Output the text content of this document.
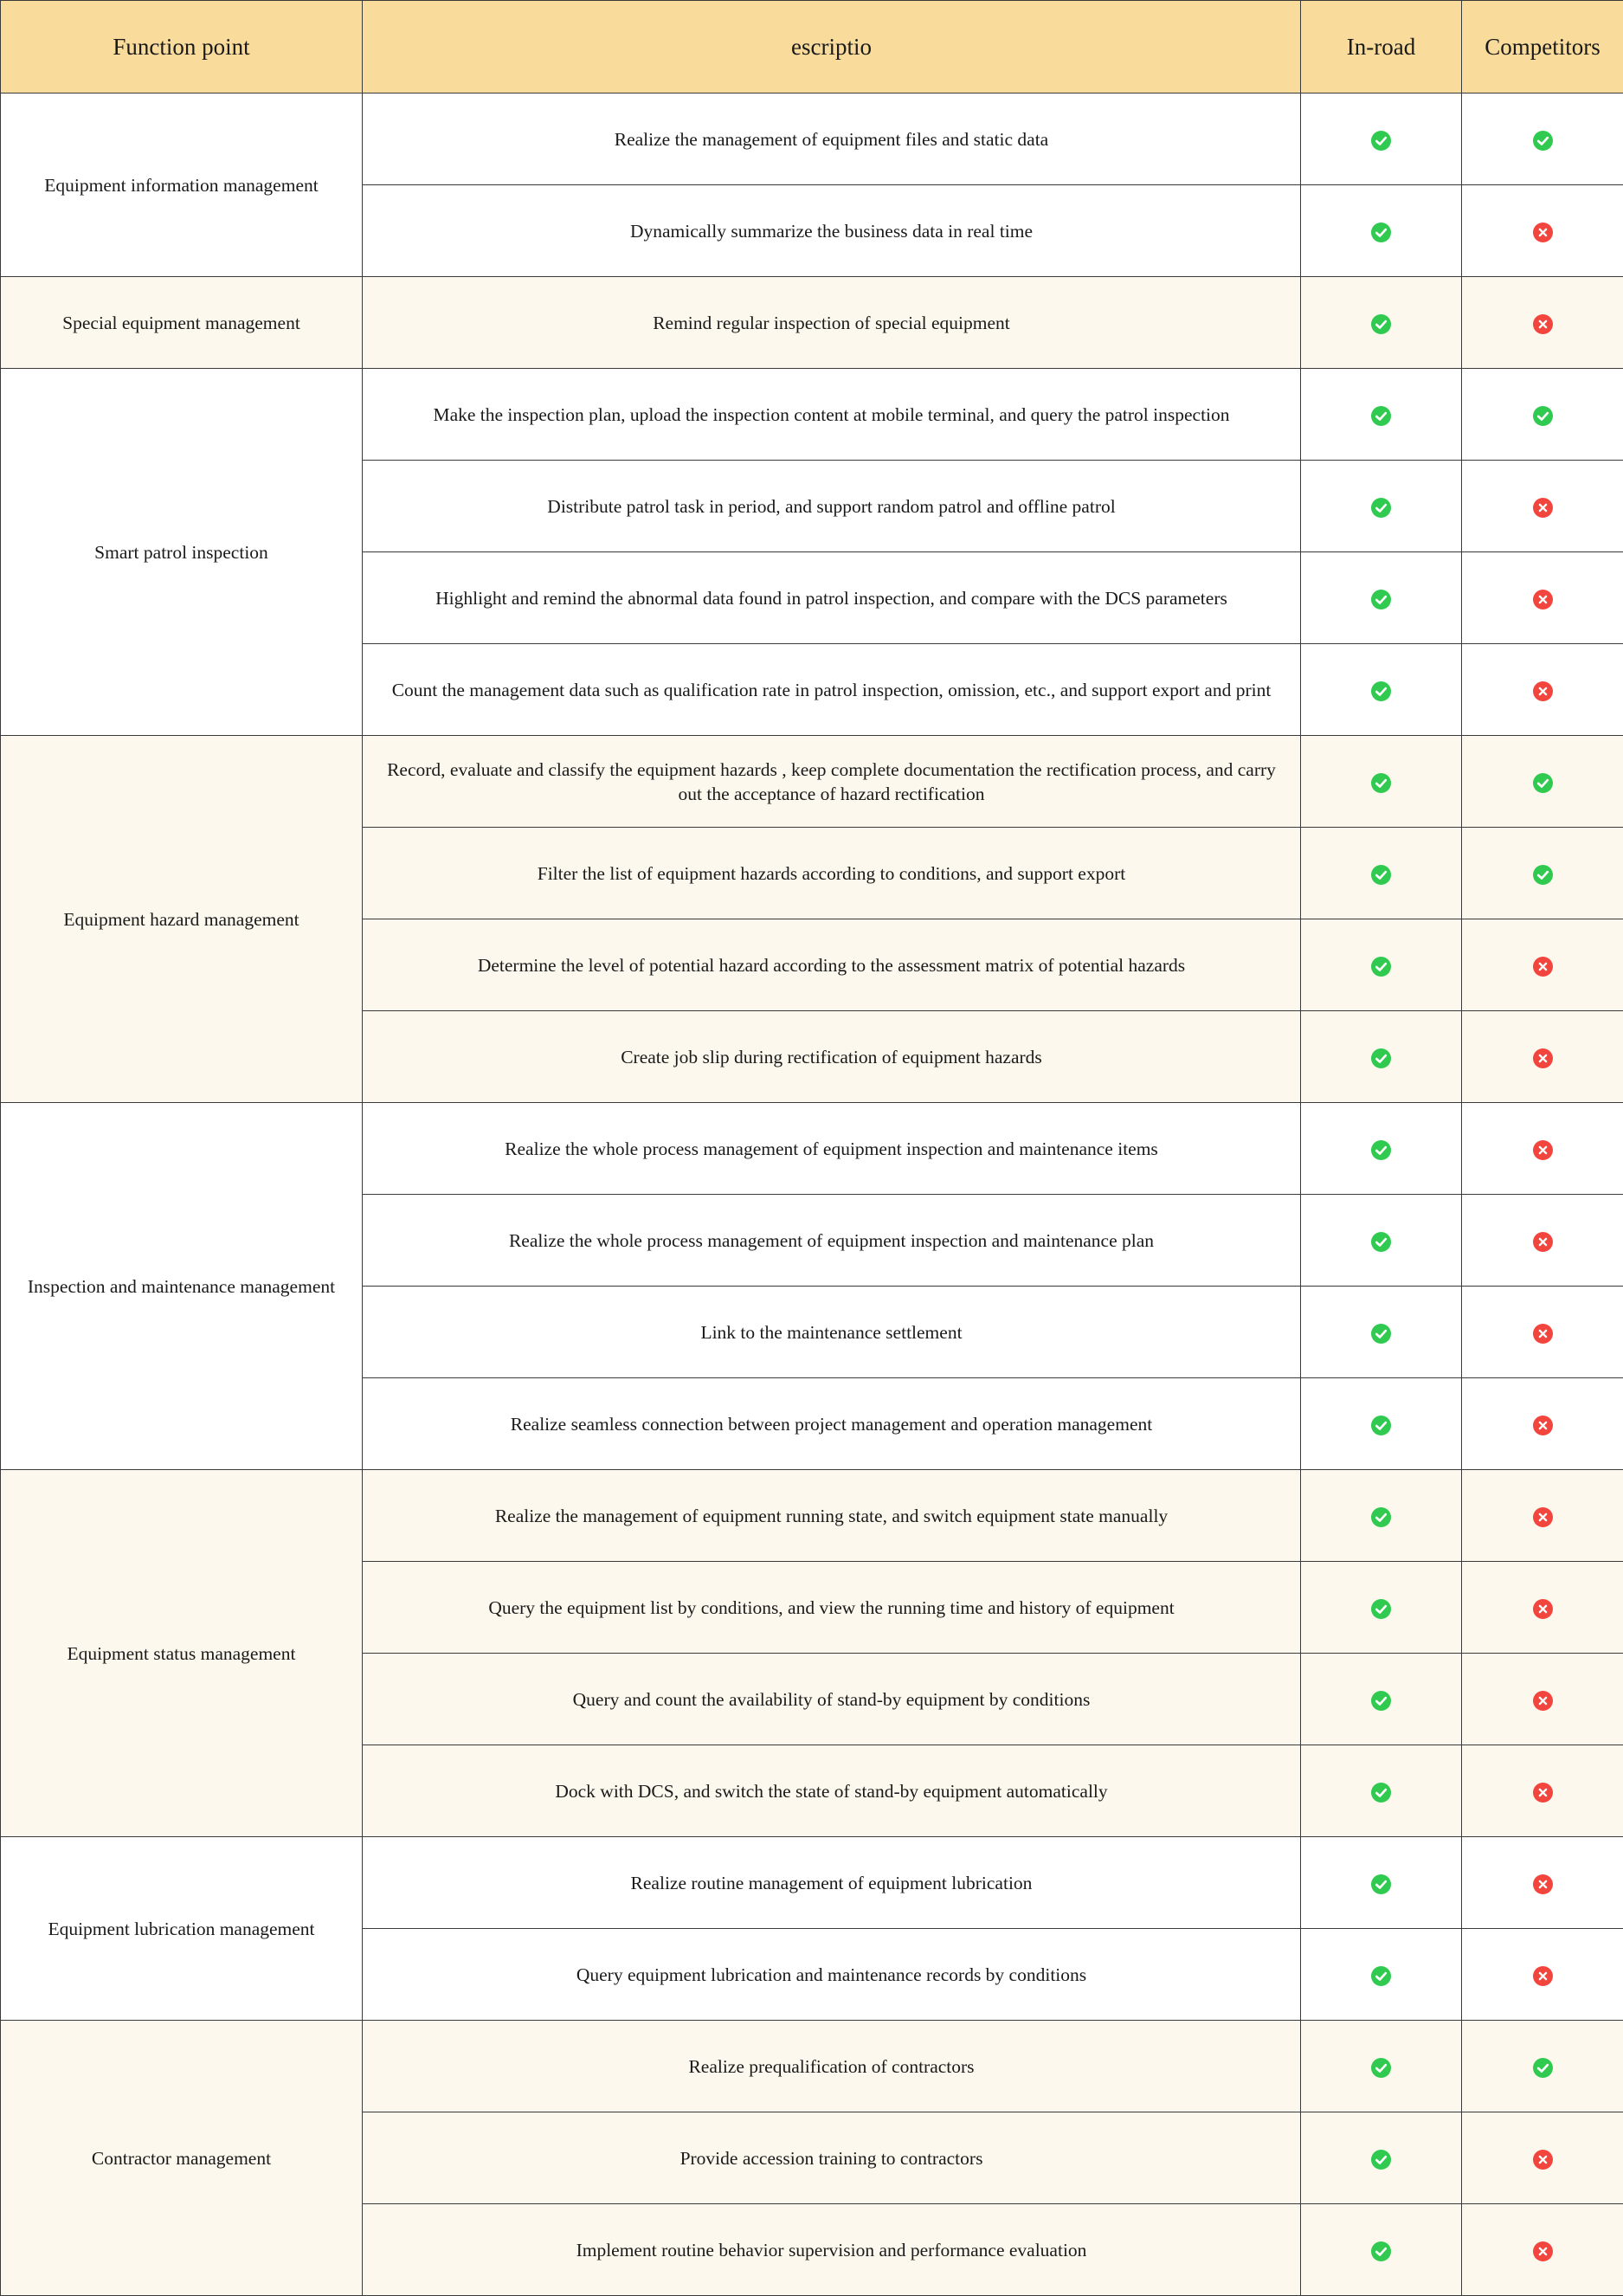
Function point	escriptio	In-road	Competitors
Equipment information management	Realize the management of equipment files and static data	

	Dynamically summarize the business data in real time	

Special equipment management	Remind regular inspection of special equipment	

Smart patrol inspection	Make the inspection plan, upload the inspection content at mobile terminal, and query the patrol inspection	

	Distribute patrol task in period, and support random patrol and offline patrol	

	Highlight and remind the abnormal data found in patrol inspection, and compare with the DCS parameters	

	Count the management data such as qualification rate in patrol inspection, omission, etc., and support export and print	

Equipment hazard management	Record, evaluate and classify the equipment hazards , keep complete documentation the rectification process, and carry out the acceptance of hazard rectification	

	Filter the list of equipment hazards according to conditions, and support export	

	Determine the level of potential hazard according to the assessment matrix of potential hazards	

	Create job slip during rectification of equipment hazards	

Inspection and maintenance management	Realize the whole process management of equipment inspection and maintenance items	

	Realize the whole process management of equipment inspection and maintenance plan	

	Link to the maintenance settlement	

	Realize seamless connection between project management and operation management	

Equipment status management	Realize the management of equipment running state, and switch equipment state manually	

	Query the equipment list by conditions, and view the running time and history of equipment	

	Query and count the availability of stand-by equipment by conditions	

	Dock with DCS, and switch the state of stand-by equipment automatically	

Equipment lubrication management	Realize routine management of equipment lubrication	

	Query equipment lubrication and maintenance records by conditions	

Contractor management	Realize prequalification of contractors	

	Provide accession training to contractors	

	Implement routine behavior supervision and performance evaluation	
